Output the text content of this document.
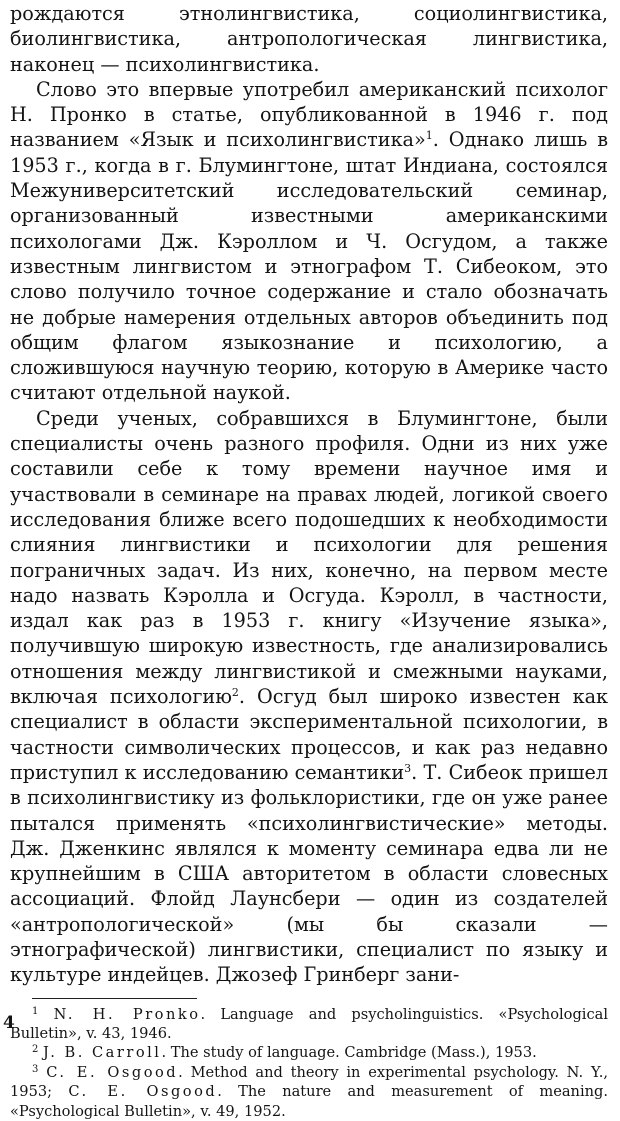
рождаются этнолингвистика, социолингвистика, биолингвистика, антропологическая лингвистика, наконец — психолингвистика.

Слово это впервые употребил американский психолог Н. Пронко в статье, опубликованной в 1946 г. под названием «Язык и психолингвистика»$^1$. Однако лишь в 1953 г., когда в г. Блумингтоне, штат Индиана, состоялся Межуниверситетский исследовательский семинар, организованный известными американскими психологами Дж. Кэроллом и Ч. Осгудом, а также известным лингвистом и этнографом Т. Сибеоком, это слово получило точное содержание и стало обозначать не добрые намерения отдельных авторов объединить под общим флагом языкознание и психологию, а сложившуюся научную теорию, которую в Америке часто считают отдельной наукой.

Среди ученых, собравшихся в Блумингтоне, были специалисты очень разного профиля. Одни из них уже составили себе к тому времени научное имя и участвовали в семинаре на правах людей, логикой своего исследования ближе всего подошедших к необходимости слияния лингвистики и психологии для решения пограничных задач. Из них, конечно, на первом месте надо назвать Кэролла и Осгуда. Кэролл, в частности, издал как раз в 1953 г. книгу «Изучение языка», получившую широкую известность, где анализировались отношения между лингвистикой и смежными науками, включая психологию$^2$. Осгуд был широко известен как специалист в области экспериментальной психологии, в частности символических процессов, и как раз недавно приступил к исследованию семантики$^3$. Т. Сибеок пришел в психолингвистику из фольклористики, где он уже ранее пытался применять «психолингвистические» методы. Дж. Дженкинс являлся к моменту семинара едва ли не крупнейшим в США авторитетом в области словесных ассоциаций. Флойд Лаунсбери — один из создателей «антропологической» (мы бы сказали — этнографической) лингвистики, специалист по языку и культуре индейцев. Джозеф Гринберг зани-

$^1$ N. H. Pronko. Language and psycholinguistics. «Psychological Bulletin», v. 43, 1946.

$^2$ J. B. Carroll. The study of language. Cambridge (Mass.), 1953.

$^3$ C. E. Osgood. Method and theory in experimental psychology. N. Y., 1953; C. E. Osgood. The nature and measurement of meaning. «Psychological Bulletin», v. 49, 1952.

4
